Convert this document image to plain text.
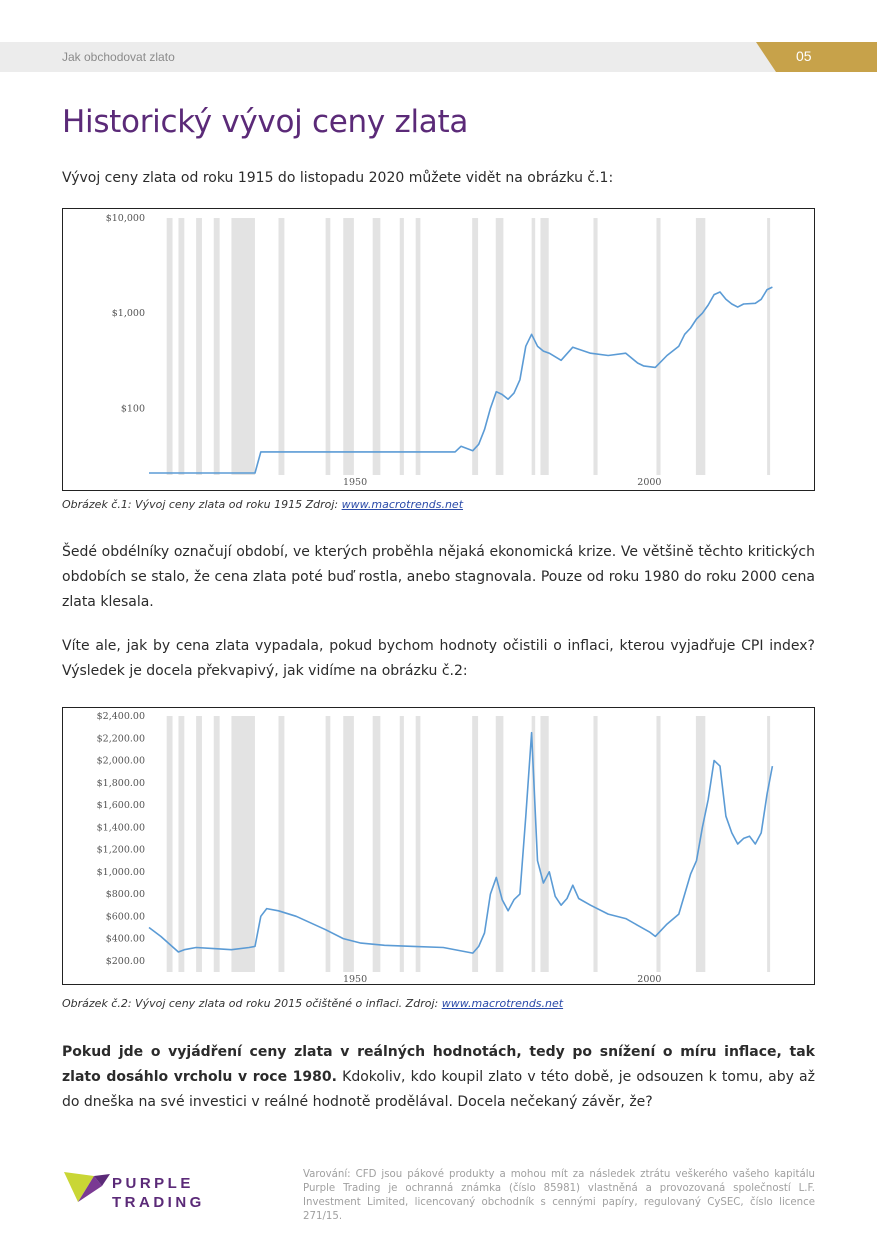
Jak obchodovat zlato	05
Historický vývoj ceny zlata
Vývoj ceny zlata od roku 1915 do listopadu 2020 můžete vidět na obrázku č.1:
$10,000
$1,000
$100
1950	2000
Obrázek č.1: Vývoj ceny zlata od roku 1915 Zdroj: www.macrotrends.net
Šedé obdélníky označují období, ve kterých proběhla nějaká ekonomická krize. Ve většině těchto kritických obdobích se stalo, že cena zlata poté buď rostla, anebo stagnovala. Pouze od roku 1980 do roku 2000 cena zlata klesala.
Víte ale, jak by cena zlata vypadala, pokud bychom hodnoty očistili o inflaci, kterou vyjadřuje CPI index? Výsledek je docela překvapivý, jak vidíme na obrázku č.2:
$2,400.00
$2,200.00
$2,000.00
$1,800.00
$1,600.00
$1,400.00
$1,200.00
$1,000.00
$800.00
$600.00
$400.00
$200.00
1950	2000
Obrázek č.2: Vývoj ceny zlata od roku 2015 očištěné o inflaci. Zdroj: www.macrotrends.net
Pokud jde o vyjádření ceny zlata v reálných hodnotách, tedy po snížení o míru inflace, tak zlato dosáhlo vrcholu v roce 1980. Kdokoliv, kdo koupil zlato v této době, je odsouzen k tomu, aby až do dneška na své investici v reálné hodnotě prodělával. Docela nečekaný závěr, že?
PURPLE
TRADING
Varování: CFD jsou pákové produkty a mohou mít za následek ztrátu veškerého vašeho kapitálu Purple Trading je ochranná známka (číslo 85981) vlastněná a provozovaná společností L.F. Investment Limited, licencovaný obchodník s cennými papíry, regulovaný CySEC, číslo licence 271/15.
